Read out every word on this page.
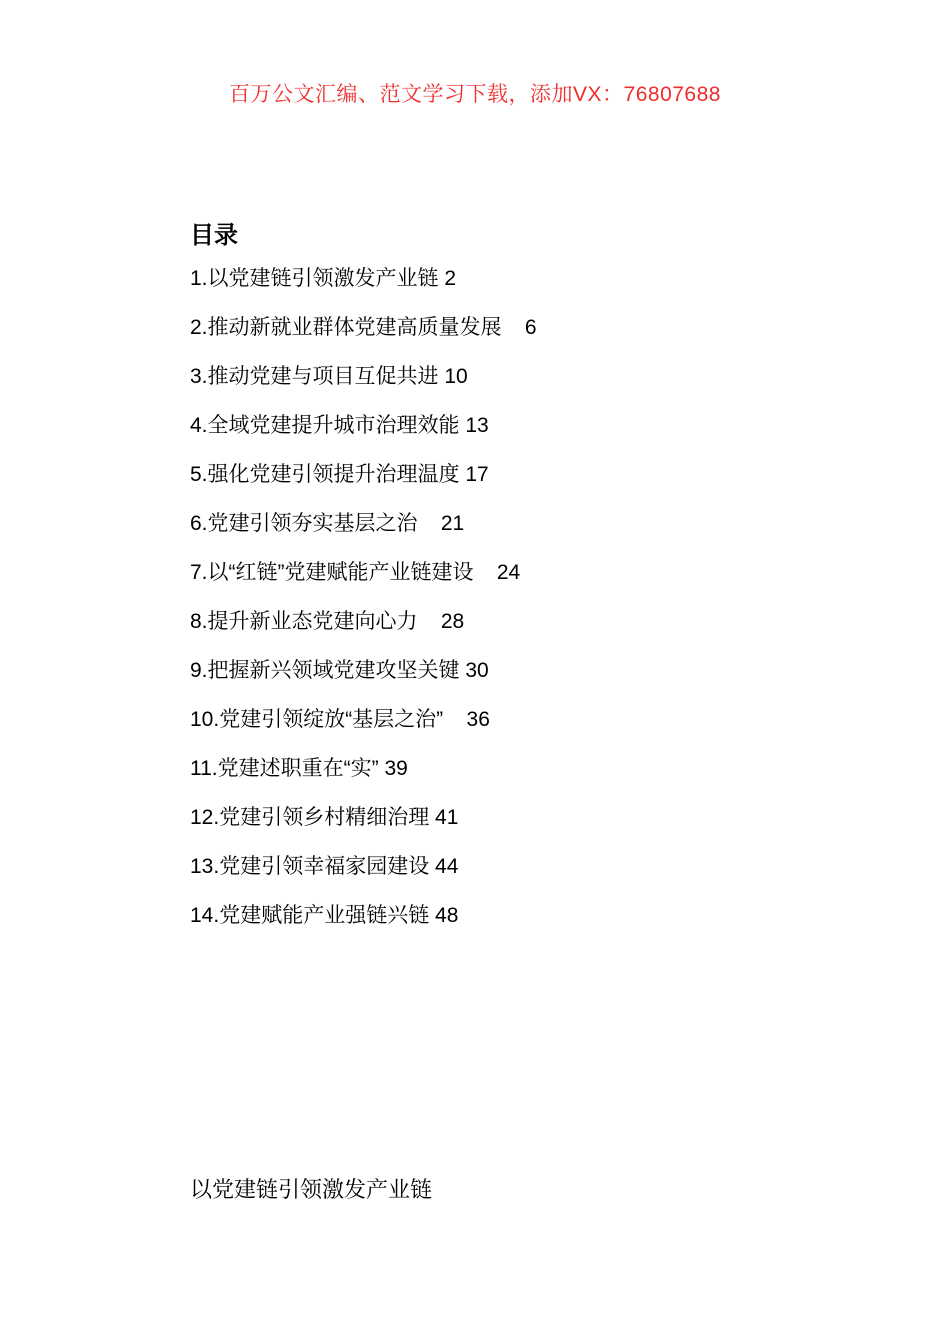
百万公文汇编、范文学习下载，添加VX：76807688
目录
1.以党建链引领激发产业链 2
2.推动新就业群体党建高质量发展 6
3.推动党建与项目互促共进 10
4.全域党建提升城市治理效能 13
5.强化党建引领提升治理温度 17
6.党建引领夯实基层之治 21
7.以“红链”党建赋能产业链建设 24
8.提升新业态党建向心力 28
9.把握新兴领域党建攻坚关键 30
10.党建引领绽放“基层之治” 36
11.党建述职重在“实” 39
12.党建引领乡村精细治理 41
13.党建引领幸福家园建设 44
14.党建赋能产业强链兴链 48
以党建链引领激发产业链
